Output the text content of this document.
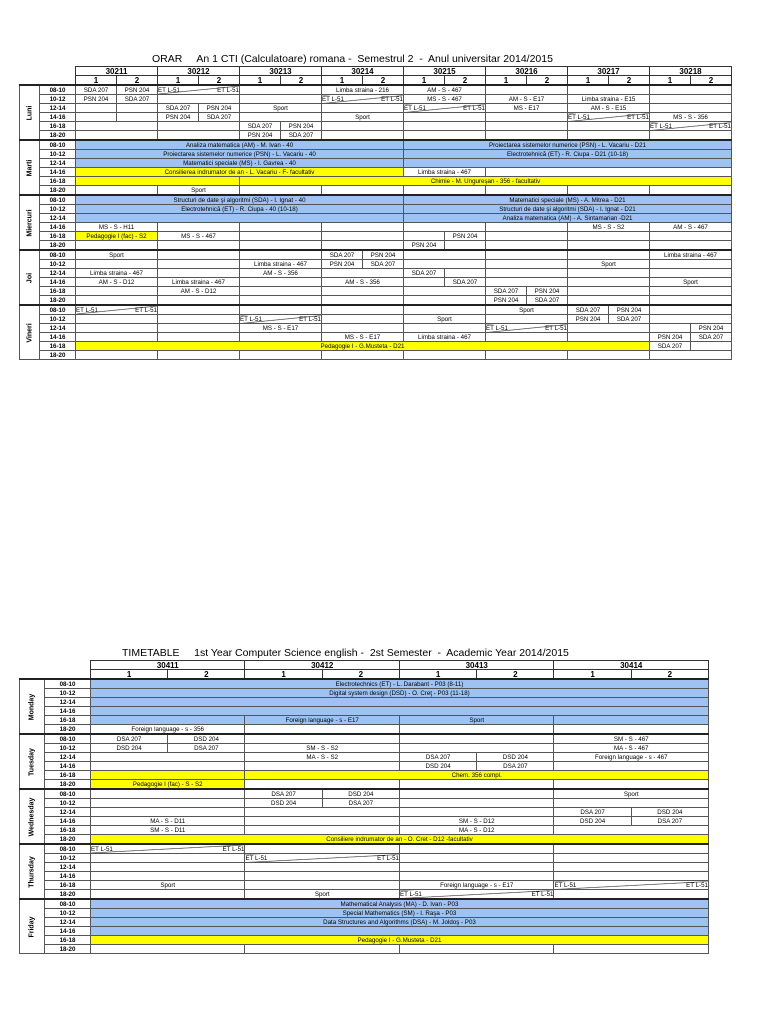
ORAR     An 1 CTI (Calculatoare) romana -  Semestrul 2  -  Anul universitar 2014/2015
		30211		30212		30213		30214		30215		30216		30217		30218	
		1	2	1	2	1	2	1	2	1	2	1	2	1	2	1	2

Luni	08-10	SDA 207	PSN 204	ET L-51 ET L-51				Limba straina - 216		AM - S - 467							
	10-12	PSN 204	SDA 207					ET L-51 ET L-51		MS - S - 467		AM - S - E17		Limba straina - E15			
	12-14			SDA 207	PSN 204	Sport				ET L-51 ET L-51		MS - E17		AM - S - E15			
	14-16			PSN 204	SDA 207			Sport						ET L-51 ET L-51		MS - S - 356	
	16-18					SDA 207	PSN 204									ET L-51 ET L-51	

	18-20					PSN 204	SDA 207										

Marti	08-10	Analiza matematica (AM) - M. Ivan - 40								Proiectarea sistemelor numerice (PSN) - L. Vacariu - D21							
	10-12	Proiectarea sistemelor numerice (PSN) - L. Vacariu - 40								Electrotehnică (ET) - R. Ciupa - D21 (10-18)							
	12-14	Matematici speciale (MS) - I. Gavrea - 40															
	14-16	Consilierea indrumator de an - L. Vacariu - F- facultativ								Limba straina - 467							
	16-18					Chimie - M. Ungureşan - 356 - facultativ											
	18-20			Sport													

Miercuri	08-10	Structuri de date şi algoritmi (SDA) - I. Ignat - 40								Matematici speciale (MS) - A. Mitrea - D21							
	10-12	Electrotehnică (ET) - R. Ciupa - 40 (10-18)								Structuri de date şi algoritmi (SDA) - I. Ignat - D21							
	12-14									Analiza matematica (AM) - A. Sintamarian -D21							
	14-16	MS - S - H11												MS - S - S2		AM - S - 467	
	16-18	Pedagogie I (fac) - S2		MS - S - 467							PSN 204						
	18-20									PSN 204							

Joi	08-10	Sport						SDA 207	PSN 204							Limba straina - 467	
	10-12					Limba straina - 467		PSN 204	SDA 207					Sport			
	12-14	Limba straina - 467				AM - S - 356				SDA 207							
	14-16	AM - S - D12		Limba straina - 467				AM - S - 356			SDA 207					Sport	
	16-18			AM - S - D12								SDA 207	PSN 204				
	18-20											PSN 204	SDA 207				

Vineri	08-10	ET L-51 ET L-51										Sport		SDA 207	PSN 204		
	10-12					ET L-51 ET L-51				Sport				PSN 204	SDA 207		
	12-14					MS - S - E17						ET L-51 ET L-51					PSN 204
	14-16							MS - S - E17		Limba straina - 467						PSN 204	SDA 207
	16-18	Pedagogie I - G.Musteta - D21														SDA 207	
	18-20																
TIMETABLE     1st Year Computer Science english -  2st Semester  -  Academic Year 2014/2015
		30411		30412		30413		30414	
		1	2	1	2	1	2	1	2

Monday	08-10	Electrotechnics (ET) - L. Darabant - P03 (8-11)							
	10-12	Digital system design (DSD) - O. Creţ - P03 (11-18)							
	12-14								
	14-16								
	16-18			Foreign language - s - E17		Sport			
	18-20	Foreign language - s - 356							

Tuesday	08-10	DSA 207	DSD 204					SM - S - 467	
	10-12	DSD 204	DSA 207	SM - S - S2				MA - S - 467	
	12-14			MA - S - S2		DSA 207	DSD 204	Foreign language - s - 467	
	14-16					DSD 204	DSA 207		
	16-18			Chem. 356 compl.					
	18-20	Pedagogie I (fac) - S - S2							

Wednesday	08-10			DSA 207	DSD 204			Sport	
	10-12			DSD 204	DSA 207				
	12-14							DSA 207	DSD 204
	14-16	MA - S - D11				SM - S - D12		DSD 204	DSA 207
	16-18	SM - S - D11				MA - S - D12			
	18-20	Consiliere indrumator de an - O. Cret - D12 -facultativ							

Thursday	08-10	ET L-51 ET L-51							

	10-12			ET L-51 ET L-51					

	12-14								
	14-16								
	16-18	Sport				Foreign language - s - E17		ET L-51 ET L-51	

	18-20			Sport		ET L-51 ET L-51			

Friday	08-10	Mathematical Analysis (MA) - D. Ivan - P03							
	10-12	Special Mathematics (SM) - I. Raşa - P03							
	12-14	Data Structures and Algorithms (DSA) - M. Joldoş - P03							
	14-16								
	16-18	Pedagogie I - G.Musteta - D21							
	18-20								
